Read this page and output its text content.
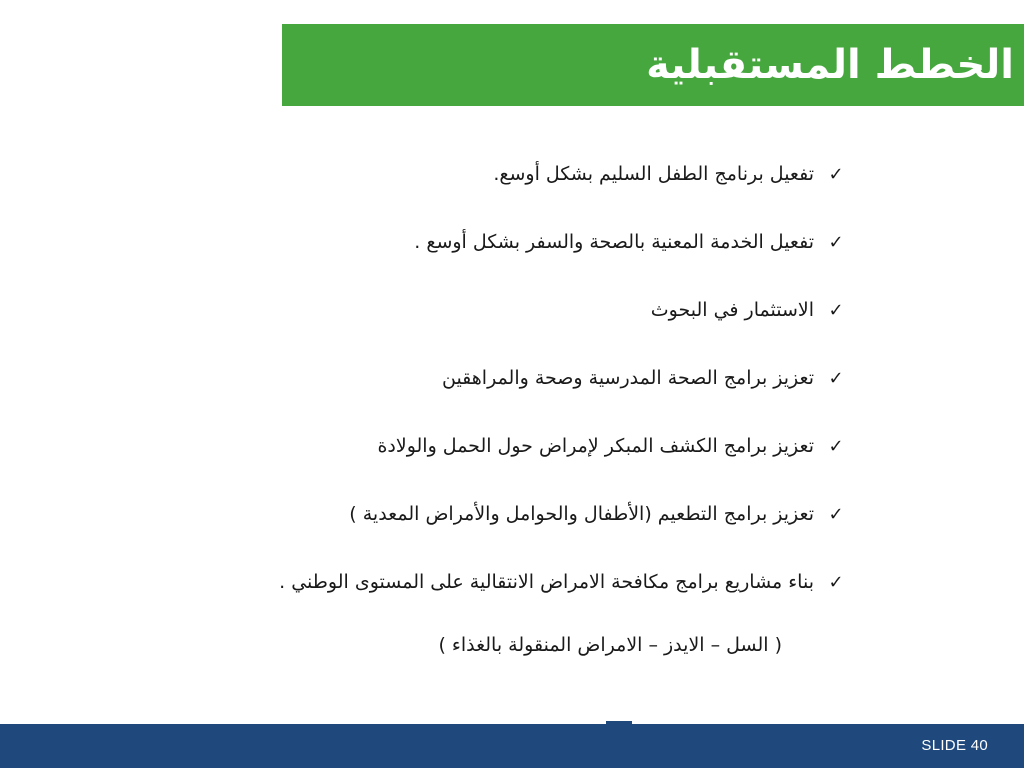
الخطط المستقبلية
✓
تفعيل برنامج الطفل السليم بشكل أوسع.
✓
تفعيل الخدمة المعنية بالصحة والسفر بشكل أوسع .
✓
الاستثمار في البحوث
✓
تعزيز برامج الصحة المدرسية وصحة والمراهقين
✓
تعزيز برامج الكشف المبكر لإمراض حول الحمل والولادة
✓
تعزيز برامج التطعيم (الأطفال والحوامل والأمراض المعدية )
✓
بناء مشاريع برامج مكافحة الامراض الانتقالية على المستوى الوطني .
( السل – الايدز – الامراض المنقولة بالغذاء )
SLIDE 40
